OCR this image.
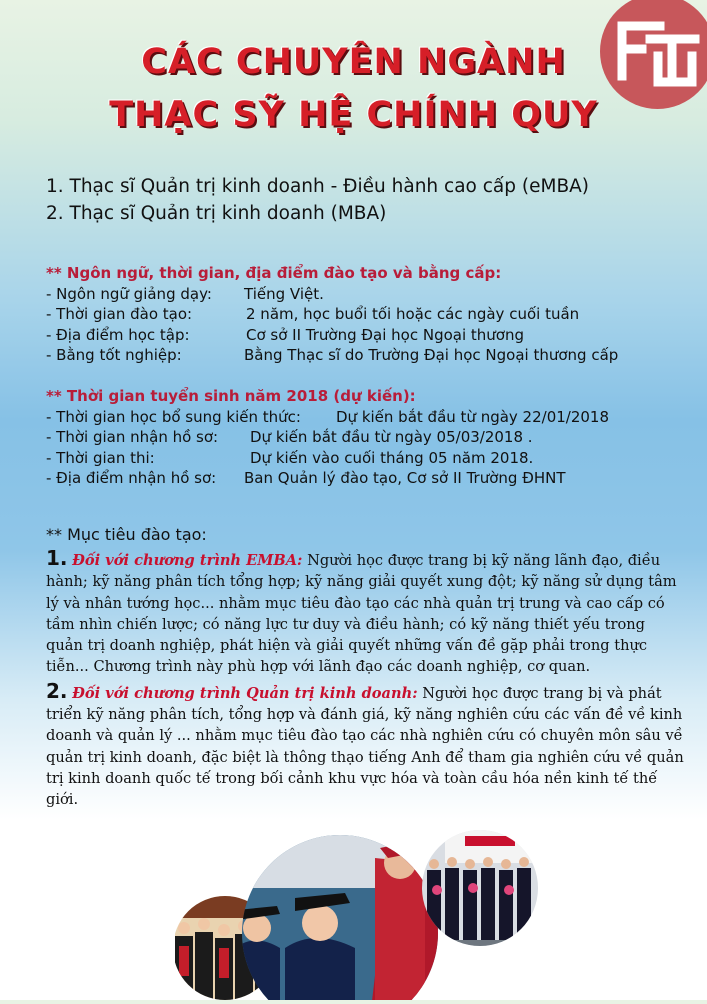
CÁC CHUYÊN NGÀNH
THẠC SỸ HỆ CHÍNH QUY
1. Thạc sĩ Quản trị kinh doanh - Điều hành cao cấp (eMBA)
2. Thạc sĩ Quản trị kinh doanh (MBA)
** Ngôn ngữ, thời gian, địa điểm đào tạo và bằng cấp:
- Ngôn ngữ giảng dạy: Tiếng Việt.
- Thời gian đào tạo:	2 năm, học buổi tối hoặc các ngày cuối tuần
- Địa điểm học tập:	Cơ sở II Trường Đại học Ngoại thương
- Bằng tốt nghiệp:	Bằng Thạc sĩ do Trường Đại học Ngoại thương cấp
** Thời gian tuyển sinh năm 2018 (dự kiến):
- Thời gian học bổ sung kiến thức: Dự kiến bắt đầu từ ngày 22/01/2018
- Thời gian nhận hồ sơ: Dự kiến bắt đầu từ ngày 05/03/2018 .
- Thời gian thi:	Dự kiến vào cuối tháng 05 năm 2018.
- Địa điểm nhận hồ sơ: Ban Quản lý đào tạo, Cơ sở II Trường ĐHNT
** Mục tiêu đào tạo:
1. Đối với chương trình EMBA: Người học được trang bị kỹ năng lãnh đạo, điều hành; kỹ năng phân tích tổng hợp; kỹ năng giải quyết xung đột; kỹ năng sử dụng tâm lý và nhân tướng học... nhằm mục tiêu đào tạo các nhà quản trị trung và cao cấp có tầm nhìn chiến lược; có năng lực tư duy và điều hành; có kỹ năng thiết yếu trong quản trị doanh nghiệp, phát hiện và giải quyết những vấn đề gặp phải trong thực tiễn... Chương trình này phù hợp với lãnh đạo các doanh nghiệp, cơ quan.
2. Đối với chương trình Quản trị kinh doanh: Người học được trang bị và phát triển kỹ năng phân tích, tổng hợp và đánh giá, kỹ năng nghiên cứu các vấn đề về kinh doanh và quản lý ... nhằm mục tiêu đào tạo các nhà nghiên cứu có chuyên môn sâu về quản trị kinh doanh, đặc biệt là thông thạo tiếng Anh để tham gia nghiên cứu về quản trị kinh doanh quốc tế trong bối cảnh khu vực hóa và toàn cầu hóa nền kinh tế thế giới.
